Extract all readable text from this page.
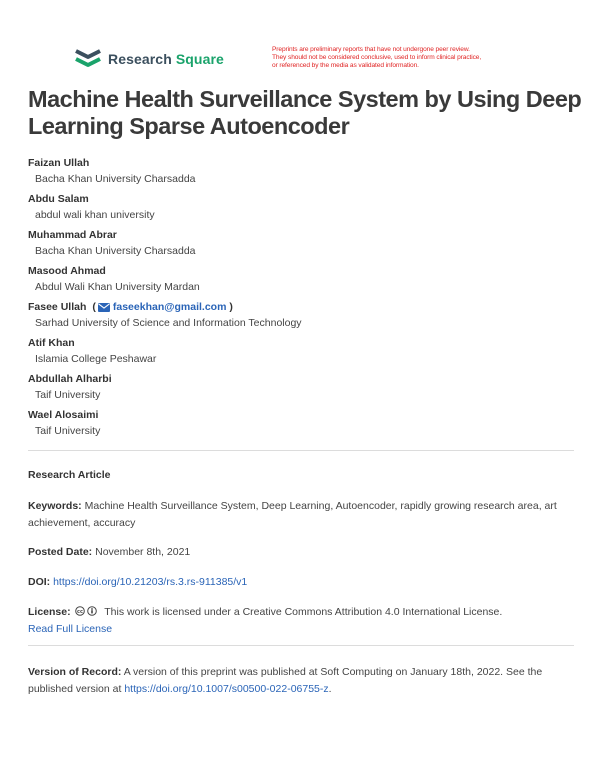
Research Square
Preprints are preliminary reports that have not undergone peer review.
They should not be considered conclusive, used to inform clinical practice,
or referenced by the media as validated information.
Machine Health Surveillance System by Using Deep Learning Sparse Autoencoder
Faizan Ullah
Bacha Khan University Charsadda
Abdu Salam
abdul wali khan university
Muhammad Abrar
Bacha Khan University Charsadda
Masood Ahmad
Abdul Wali Khan University Mardan
Fasee Ullah ( faseekhan@gmail.com )
Sarhad University of Science and Information Technology
Atif Khan
Islamia College Peshawar
Abdullah Alharbi
Taif University
Wael Alosaimi
Taif University
Research Article
Keywords: Machine Health Surveillance System, Deep Learning, Autoencoder, rapidly growing research area, art achievement, accuracy
Posted Date: November 8th, 2021
DOI: https://doi.org/10.21203/rs.3.rs-911385/v1
License: cc This work is licensed under a Creative Commons Attribution 4.0 International License.
Read Full License
Version of Record: A version of this preprint was published at Soft Computing on January 18th, 2022. See the published version at https://doi.org/10.1007/s00500-022-06755-z.
